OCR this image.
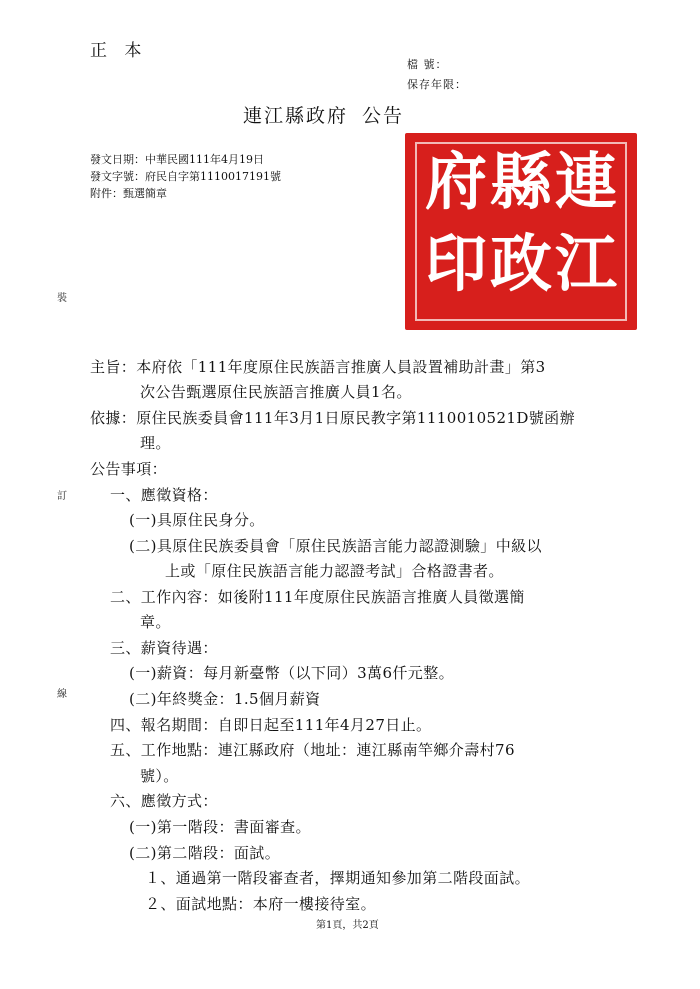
正 本
檔 號：
保存年限：
連江縣政府 公告
發文日期：中華民國111年4月19日
發文字號：府民自字第1110017191號
附件：甄選簡章
裝
訂
線
連
縣
府
江
政
印
主旨：本府依「111年度原住民族語言推廣人員設置補助計畫」第3
次公告甄選原住民族語言推廣人員1名。
依據：原住民族委員會111年3月1日原民教字第1110010521D號函辦
理。
公告事項：
一、應徵資格：
(一)具原住民身分。
(二)具原住民族委員會「原住民族語言能力認證測驗」中級以
上或「原住民族語言能力認證考試」合格證書者。
二、工作內容：如後附111年度原住民族語言推廣人員徵選簡
章。
三、薪資待遇：
(一)薪資：每月新臺幣（以下同）3萬6仟元整。
(二)年終獎金：1.5個月薪資
四、報名期間：自即日起至111年4月27日止。
五、工作地點：連江縣政府（地址：連江縣南竿鄉介壽村76
號）。
六、應徵方式：
(一)第一階段：書面審查。
(二)第二階段：面試。
１、通過第一階段審查者，擇期通知參加第二階段面試。
２、面試地點：本府一樓接待室。
第1頁，共2頁
